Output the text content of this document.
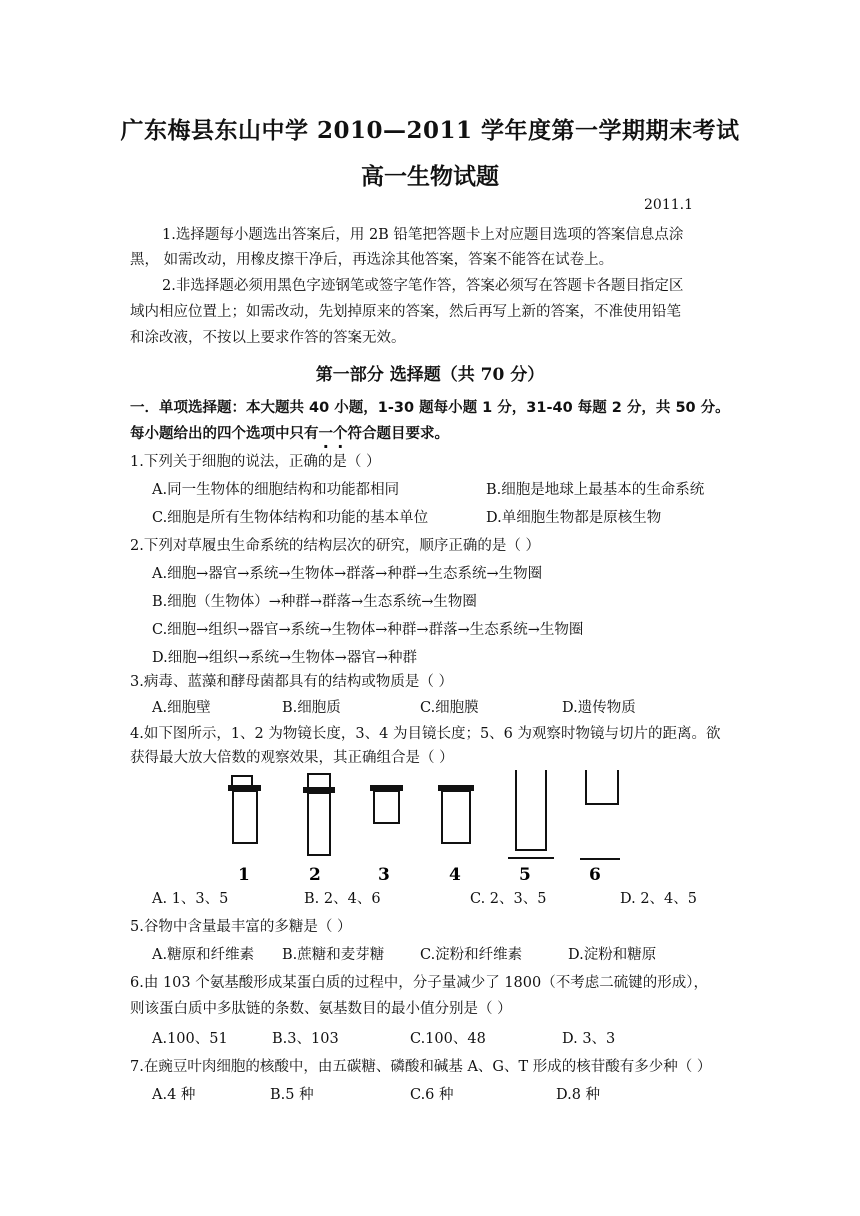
广东梅县东山中学 2010—2011 学年度第一学期期末考试
高一生物试题
2011.1
1.选择题每小题选出答案后，用 2B 铅笔把答题卡上对应题目选项的答案信息点涂
黑， 如需改动，用橡皮擦干净后，再选涂其他答案，答案不能答在试卷上。
2.非选择题必须用黑色字迹钢笔或签字笔作答，答案必须写在答题卡各题目指定区
域内相应位置上；如需改动，先划掉原来的答案，然后再写上新的答案，不准使用铅笔
和涂改液，不按以上要求作答的答案无效。
第一部分 选择题（共 70 分）
一．单项选择题：本大题共 40 小题，1-30 题每小题 1 分，31-40 每题 2 分，共 50 分。
每小题给出的四个选项中只有一个符合题目要求。
1.下列关于细胞的说法，正确的是（ ）
A.同一生物体的细胞结构和功能都相同	B.细胞是地球上最基本的生命系统
C.细胞是所有生物体结构和功能的基本单位	D.单细胞生物都是原核生物
2.下列对草履虫生命系统的结构层次的研究，顺序正确的是（ ）
A.细胞→器官→系统→生物体→群落→种群→生态系统→生物圈
B.细胞（生物体）→种群→群落→生态系统→生物圈
C.细胞→组织→器官→系统→生物体→种群→群落→生态系统→生物圈
D.细胞→组织→系统→生物体→器官→种群
3.病毒、蓝藻和酵母菌都具有的结构或物质是（ ）
A.细胞壁	B.细胞质	C.细胞膜	D.遗传物质
4.如下图所示，1、2 为物镜长度，3、4 为目镜长度；5、6 为观察时物镜与切片的距离。欲
获得最大放大倍数的观察效果，其正确组合是（ ）
1	2	3	4	5	6
A. 1、3、5	B. 2、4、6	C. 2、3、5	D. 2、4、5
5.谷物中含量最丰富的多糖是（ ）
A.糖原和纤维素 B.蔗糖和麦芽糖 C.淀粉和纤维素	D.淀粉和糖原
6.由 103 个氨基酸形成某蛋白质的过程中，分子量减少了 1800（不考虑二硫键的形成），
则该蛋白质中多肽链的条数、氨基数目的最小值分别是（ ）
A.100、51	B.3、103	C.100、48	D. 3、3
7.在豌豆叶肉细胞的核酸中，由五碳糖、磷酸和碱基 A、G、T 形成的核苷酸有多少种（ ）
A.4 种	B.5 种	C.6 种	D.8 种
